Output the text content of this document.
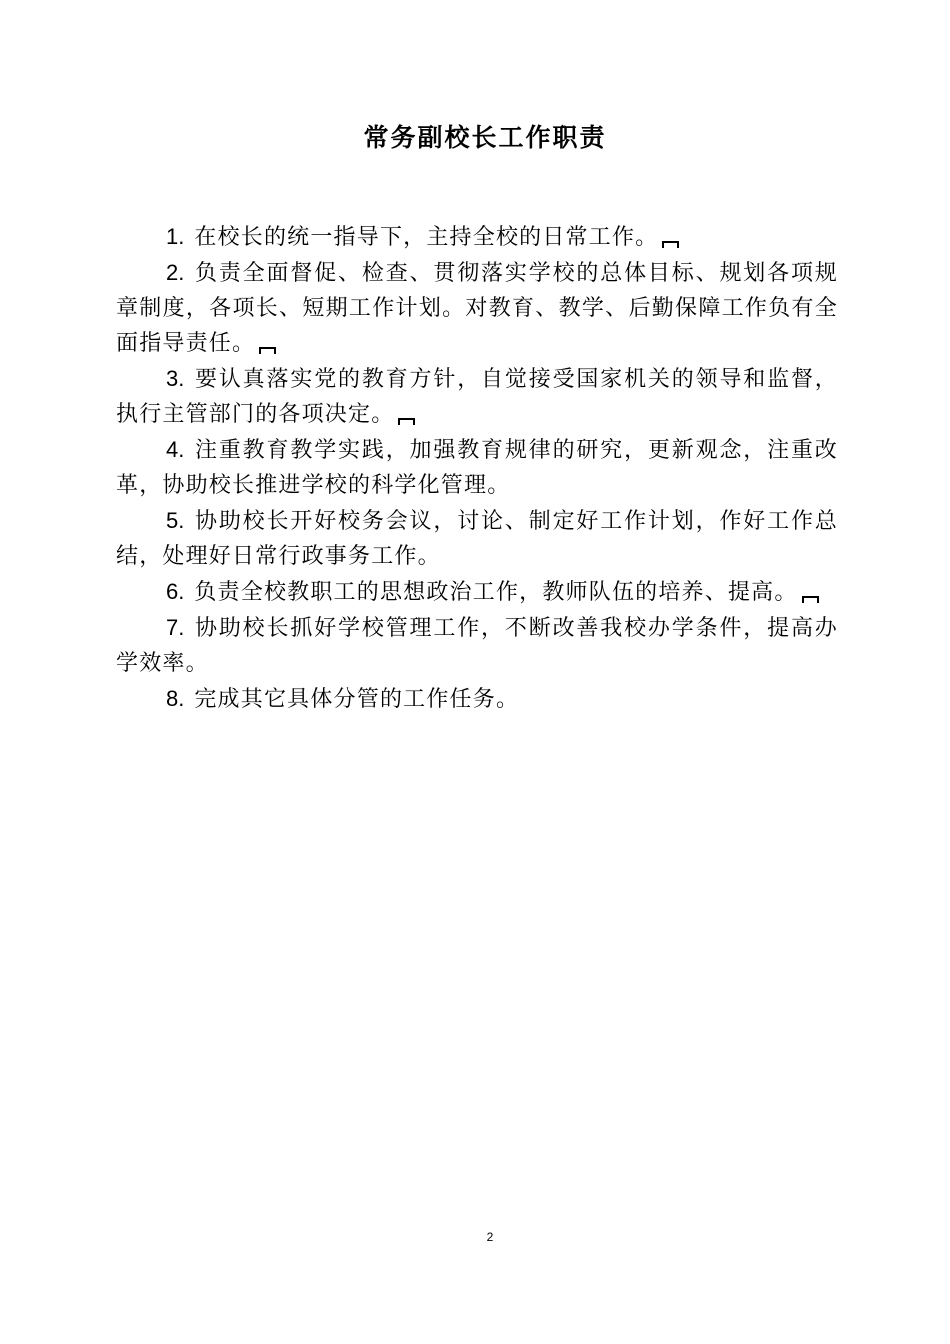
常务副校长工作职责

1. 在校长的统一指导下，主持全校的日常工作。

2. 负责全面督促、检查、贯彻落实学校的总体目标、规划各项规章制度，各项长、短期工作计划。对教育、教学、后勤保障工作负有全面指导责任。

3. 要认真落实党的教育方针，自觉接受国家机关的领导和监督，执行主管部门的各项决定。

4. 注重教育教学实践，加强教育规律的研究，更新观念，注重改革，协助校长推进学校的科学化管理。

5. 协助校长开好校务会议，讨论、制定好工作计划，作好工作总结，处理好日常行政事务工作。

6. 负责全校教职工的思想政治工作，教师队伍的培养、提高。

7. 协助校长抓好学校管理工作，不断改善我校办学条件，提高办学效率。

8. 完成其它具体分管的工作任务。

2
